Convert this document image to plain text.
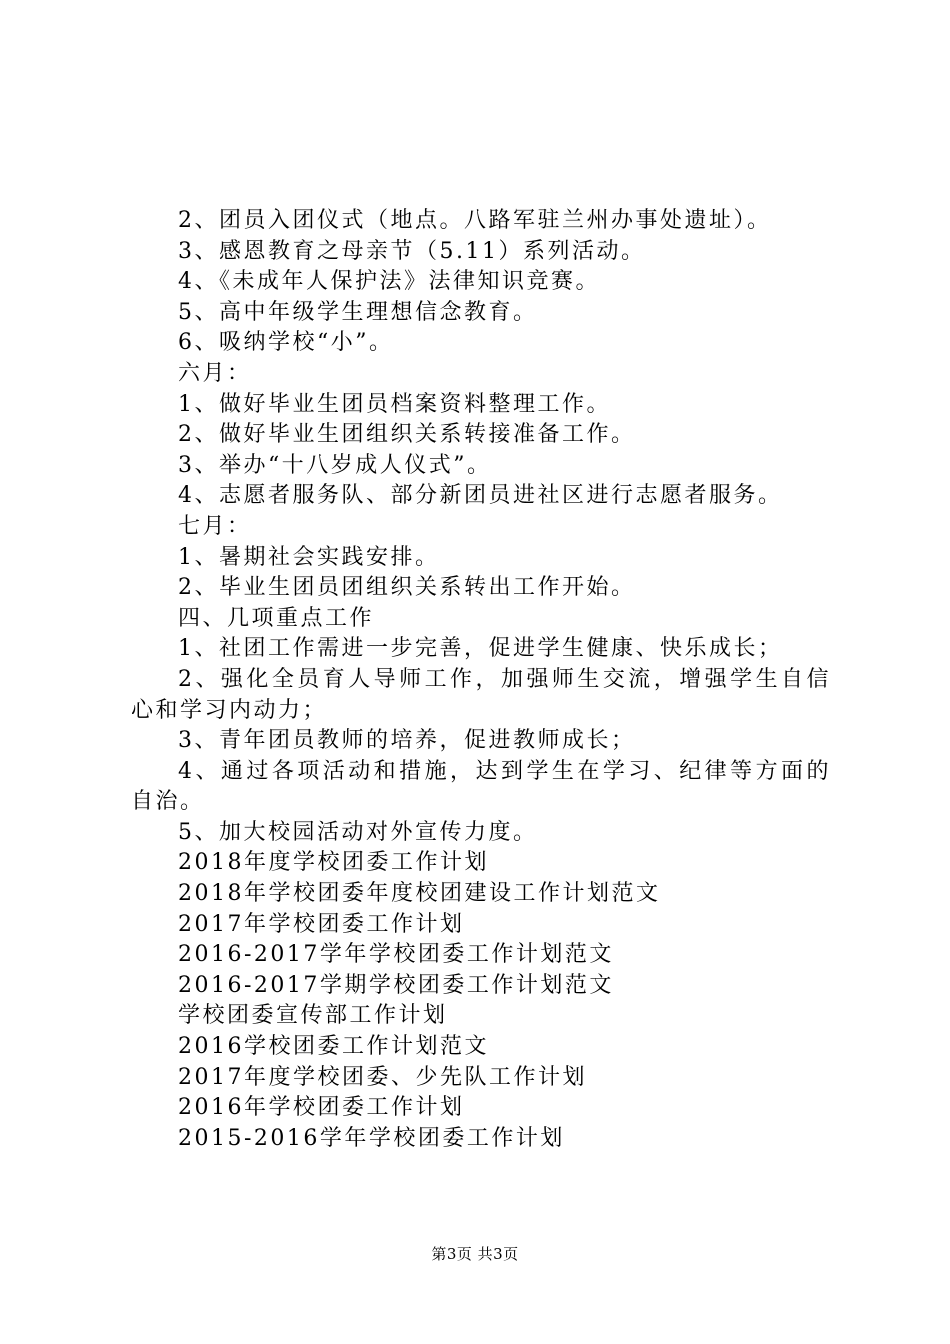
2、团员入团仪式（地点。八路军驻兰州办事处遗址）。
3、感恩教育之母亲节（5.11）系列活动。
4、《未成年人保护法》法律知识竞赛。
5、高中年级学生理想信念教育。
6、吸纳学校“小”。
六月：
1、做好毕业生团员档案资料整理工作。
2、做好毕业生团组织关系转接准备工作。
3、举办“十八岁成人仪式”。
4、志愿者服务队、部分新团员进社区进行志愿者服务。
七月：
1、暑期社会实践安排。
2、毕业生团员团组织关系转出工作开始。
四、几项重点工作
1、社团工作需进一步完善，促进学生健康、快乐成长；
2、强化全员育人导师工作，加强师生交流，增强学生自信心和学习内动力；
3、青年团员教师的培养，促进教师成长；
4、通过各项活动和措施，达到学生在学习、纪律等方面的自治。
5、加大校园活动对外宣传力度。
2018年度学校团委工作计划
2018年学校团委年度校团建设工作计划范文
2017年学校团委工作计划
2016-2017学年学校团委工作计划范文
2016-2017学期学校团委工作计划范文
学校团委宣传部工作计划
2016学校团委工作计划范文
2017年度学校团委、少先队工作计划
2016年学校团委工作计划
2015-2016学年学校团委工作计划
第3页 共3页
